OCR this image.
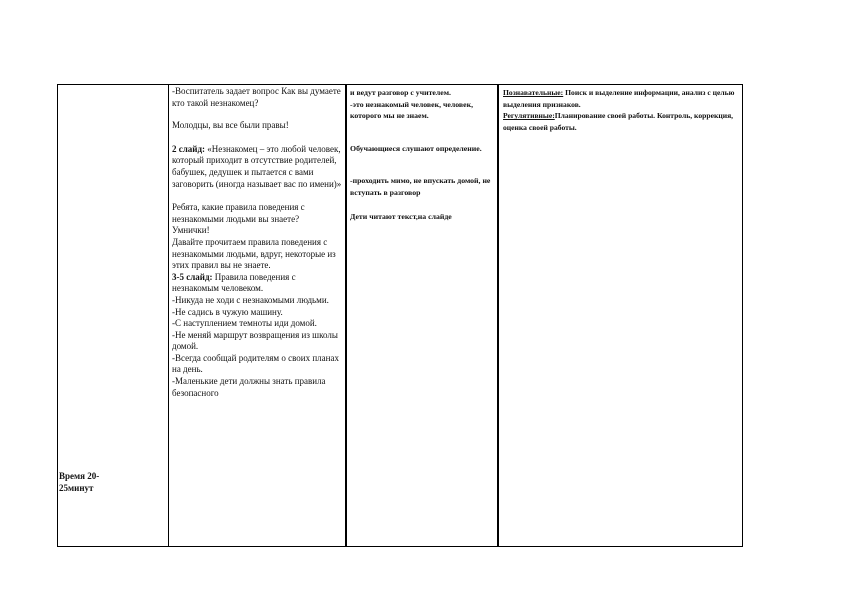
Время 20-

25минут

-Воспитатель задает вопрос Как вы думаете кто такой незнакомец?

Молодцы, вы все были правы!

2 слайд: «Незнакомец – это любой человек, который приходит в отсутствие родителей, бабушек, дедушек и пытается с вами заговорить (иногда называет вас по имени)»

Ребята, какие правила поведения с незнакомыми людьми вы знаете?

Умнички!

Давайте прочитаем правила поведения с незнакомыми людьми, вдруг, некоторые из этих правил вы не знаете.

3-5 слайд: Правила поведения с незнакомым человеком.

-Никуда не ходи с незнакомыми людьми.

-Не садись в чужую машину.

-С наступлением темноты иди домой.

-Не меняй маршрут возвращения из школы домой.

-Всегда сообщай родителям о своих планах на день.

-Маленькие дети должны знать правила безопасного

и ведут разговор с учителем.

-это незнакомый человек, человек, которого мы не знаем.

Обучающиеся слушают определение.

-проходить мимо, не впускать домой, не вступать в разговор

Дети читают текст,на слайде

Познавательные: Поиск и выделение информации, анализ с целью выделения признаков.

Регулятивные:Планирование своей работы. Контроль, коррекция, оценка своей работы.
